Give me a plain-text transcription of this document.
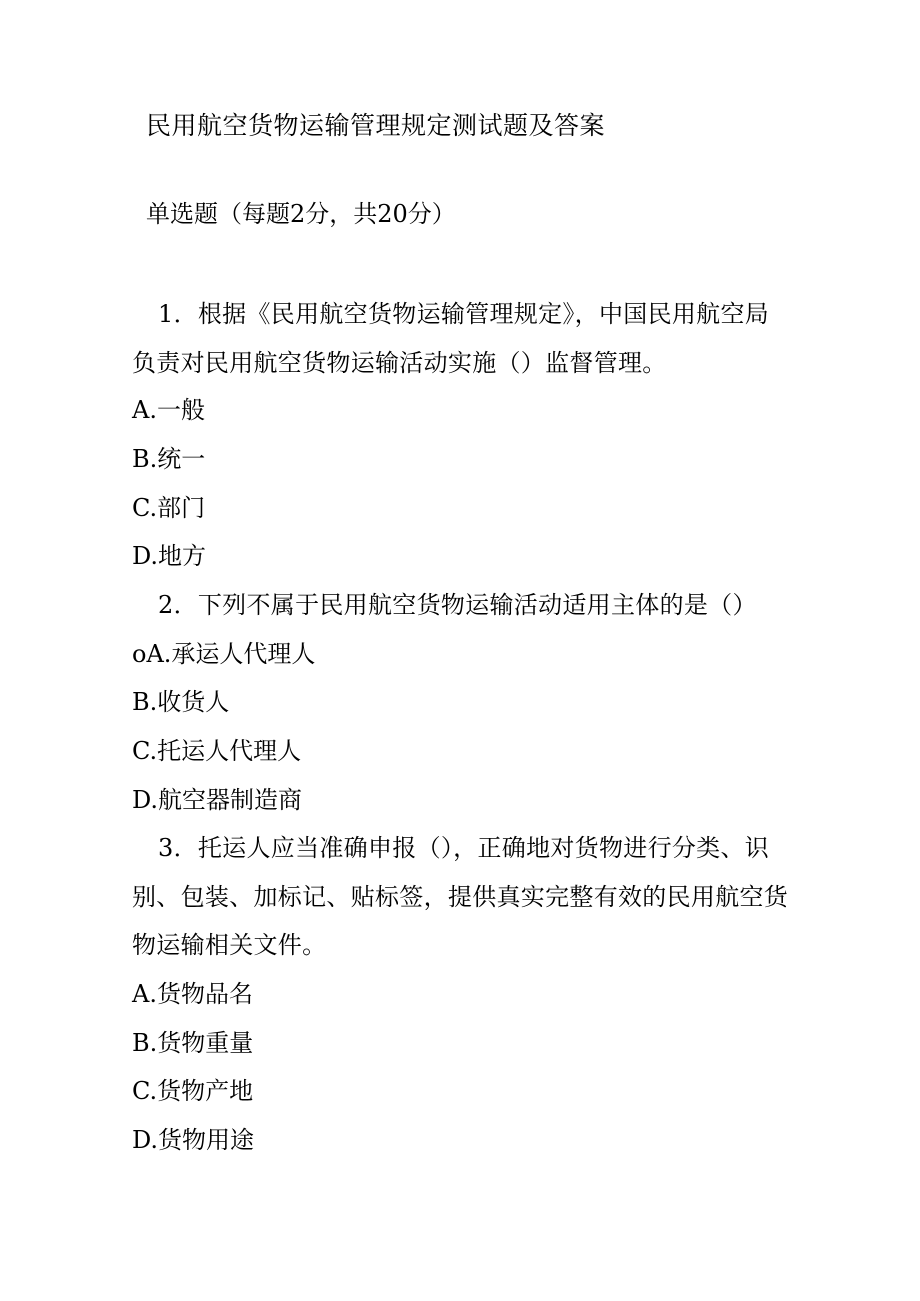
民用航空货物运输管理规定测试题及答案
单选题（每题2分，共20分）
1．根据《民用航空货物运输管理规定》，中国民用航空局
负责对民用航空货物运输活动实施（）监督管理。
A.一般
B.统一
C.部门
D.地方
2．下列不属于民用航空货物运输活动适用主体的是（）
oA.承运人代理人
B.收货人
C.托运人代理人
D.航空器制造商
3．托运人应当准确申报（），正确地对货物进行分类、识
别、包装、加标记、贴标签，提供真实完整有效的民用航空货
物运输相关文件。
A.货物品名
B.货物重量
C.货物产地
D.货物用途
